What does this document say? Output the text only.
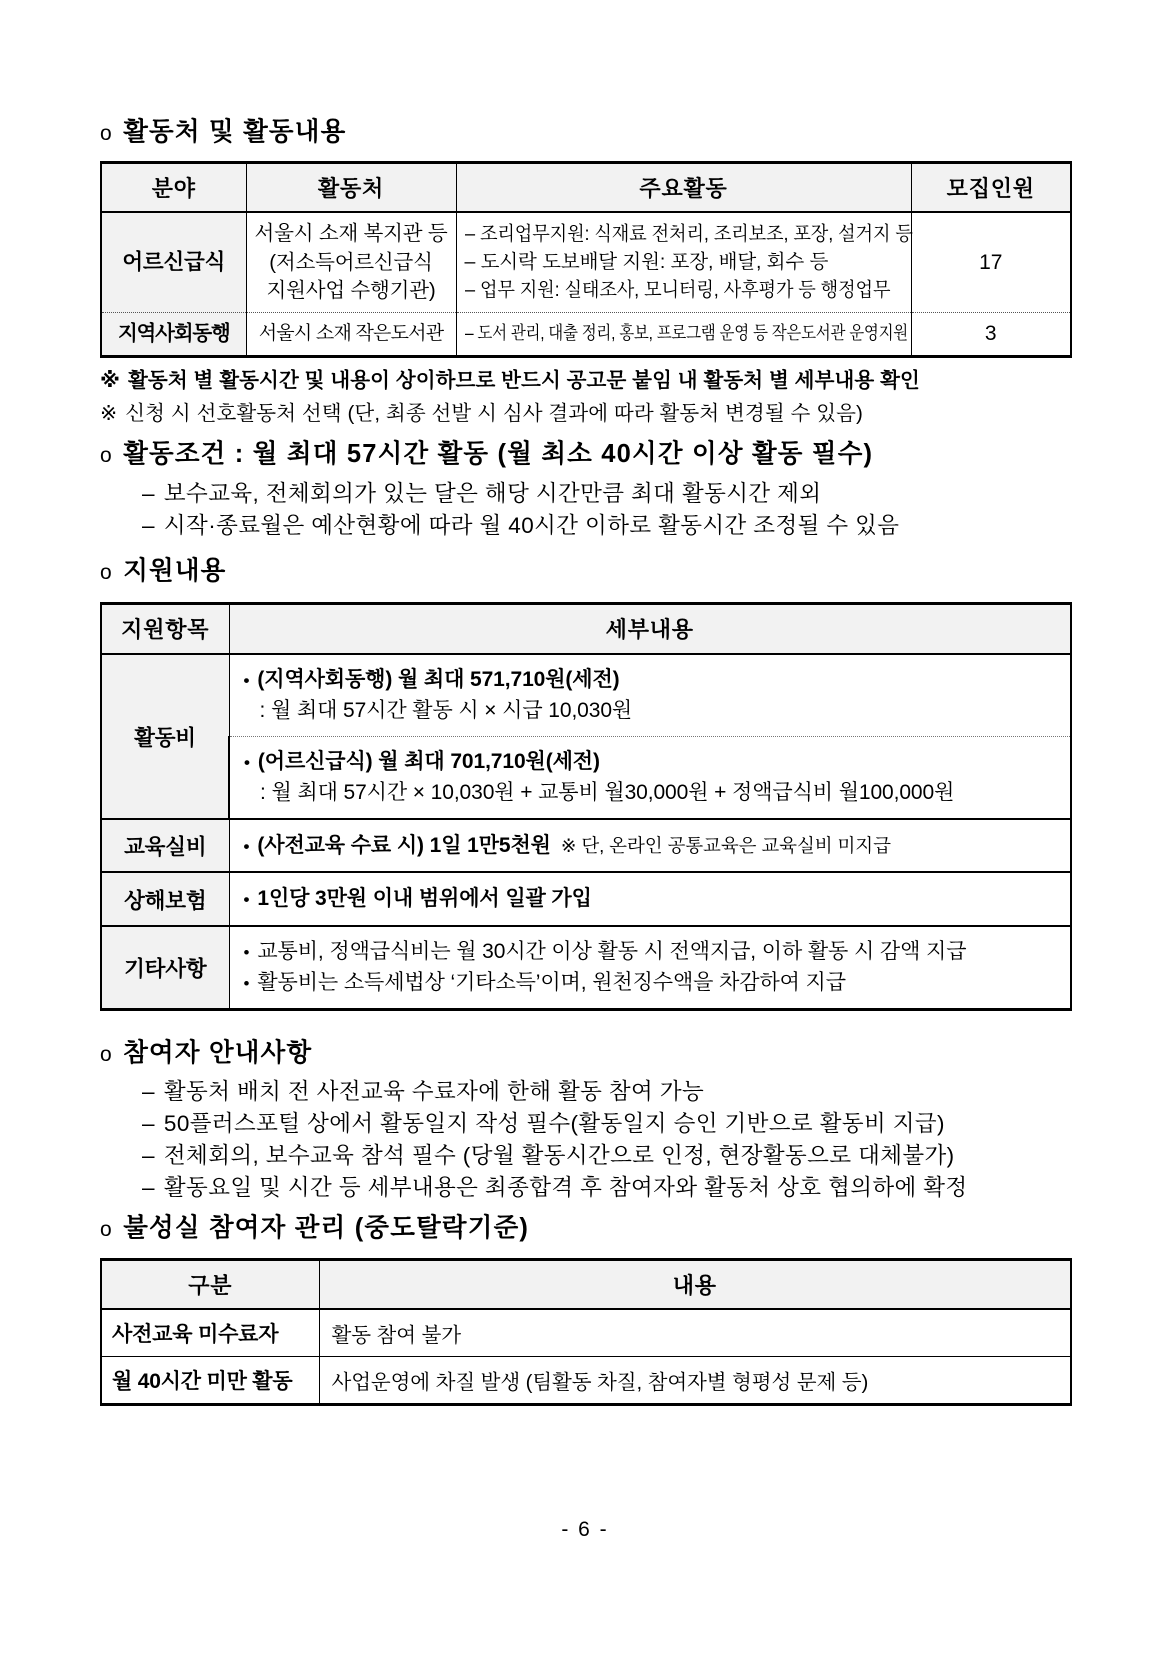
o 활동처 및 활동내용
분야	활동처	주요활동	모집인원
어르신급식	서울시 소재 복지관 등
(저소득어르신급식
지원사업 수행기관)	– 조리업무지원: 식재료 전처리, 조리보조, 포장, 설거지 등
– 도시락 도보배달 지원: 포장, 배달, 회수 등
– 업무 지원: 실태조사, 모니터링, 사후평가 등 행정업무	17
지역사회동행	서울시 소재 작은도서관	– 도서 관리, 대출 정리, 홍보, 프로그램 운영 등 작은도서관 운영지원	3
※ 활동처 별 활동시간 및 내용이 상이하므로 반드시 공고문 붙임 내 활동처 별 세부내용 확인
※ 신청 시 선호활동처 선택 (단, 최종 선발 시 심사 결과에 따라 활동처 변경될 수 있음)
o 활동조건 : 월 최대 57시간 활동 (월 최소 40시간 이상 활동 필수)
– 보수교육, 전체회의가 있는 달은 해당 시간만큼 최대 활동시간 제외
– 시작·종료월은 예산현황에 따라 월 40시간 이하로 활동시간 조정될 수 있음
o 지원내용
지원항목	세부내용
활동비	• (지역사회동행) 월 최대 571,710원(세전)
: 월 최대 57시간 활동 시 × 시급 10,030원

	• (어르신급식) 월 최대 701,710원(세전)
: 월 최대 57시간 × 10,030원 + 교통비 월30,000원 + 정액급식비 월100,000원

교육실비	• (사전교육 수료 시) 1일 1만5천원 ※ 단, 온라인 공통교육은 교육실비 미지급

상해보험	• 1인당 3만원 이내 범위에서 일괄 가입

기타사항	• 교통비, 정액급식비는 월 30시간 이상 활동 시 전액지급, 이하 활동 시 감액 지급
• 활동비는 소득세법상 ‘기타소득’이며, 원천징수액을 차감하여 지급
o 참여자 안내사항
– 활동처 배치 전 사전교육 수료자에 한해 활동 참여 가능
– 50플러스포털 상에서 활동일지 작성 필수(활동일지 승인 기반으로 활동비 지급)
– 전체회의, 보수교육 참석 필수 (당월 활동시간으로 인정, 현장활동으로 대체불가)
– 활동요일 및 시간 등 세부내용은 최종합격 후 참여자와 활동처 상호 협의하에 확정
o 불성실 참여자 관리 (중도탈락기준)
구분	내용
사전교육 미수료자	활동 참여 불가
월 40시간 미만 활동	사업운영에 차질 발생 (팀활동 차질, 참여자별 형평성 문제 등)
- 6 -
